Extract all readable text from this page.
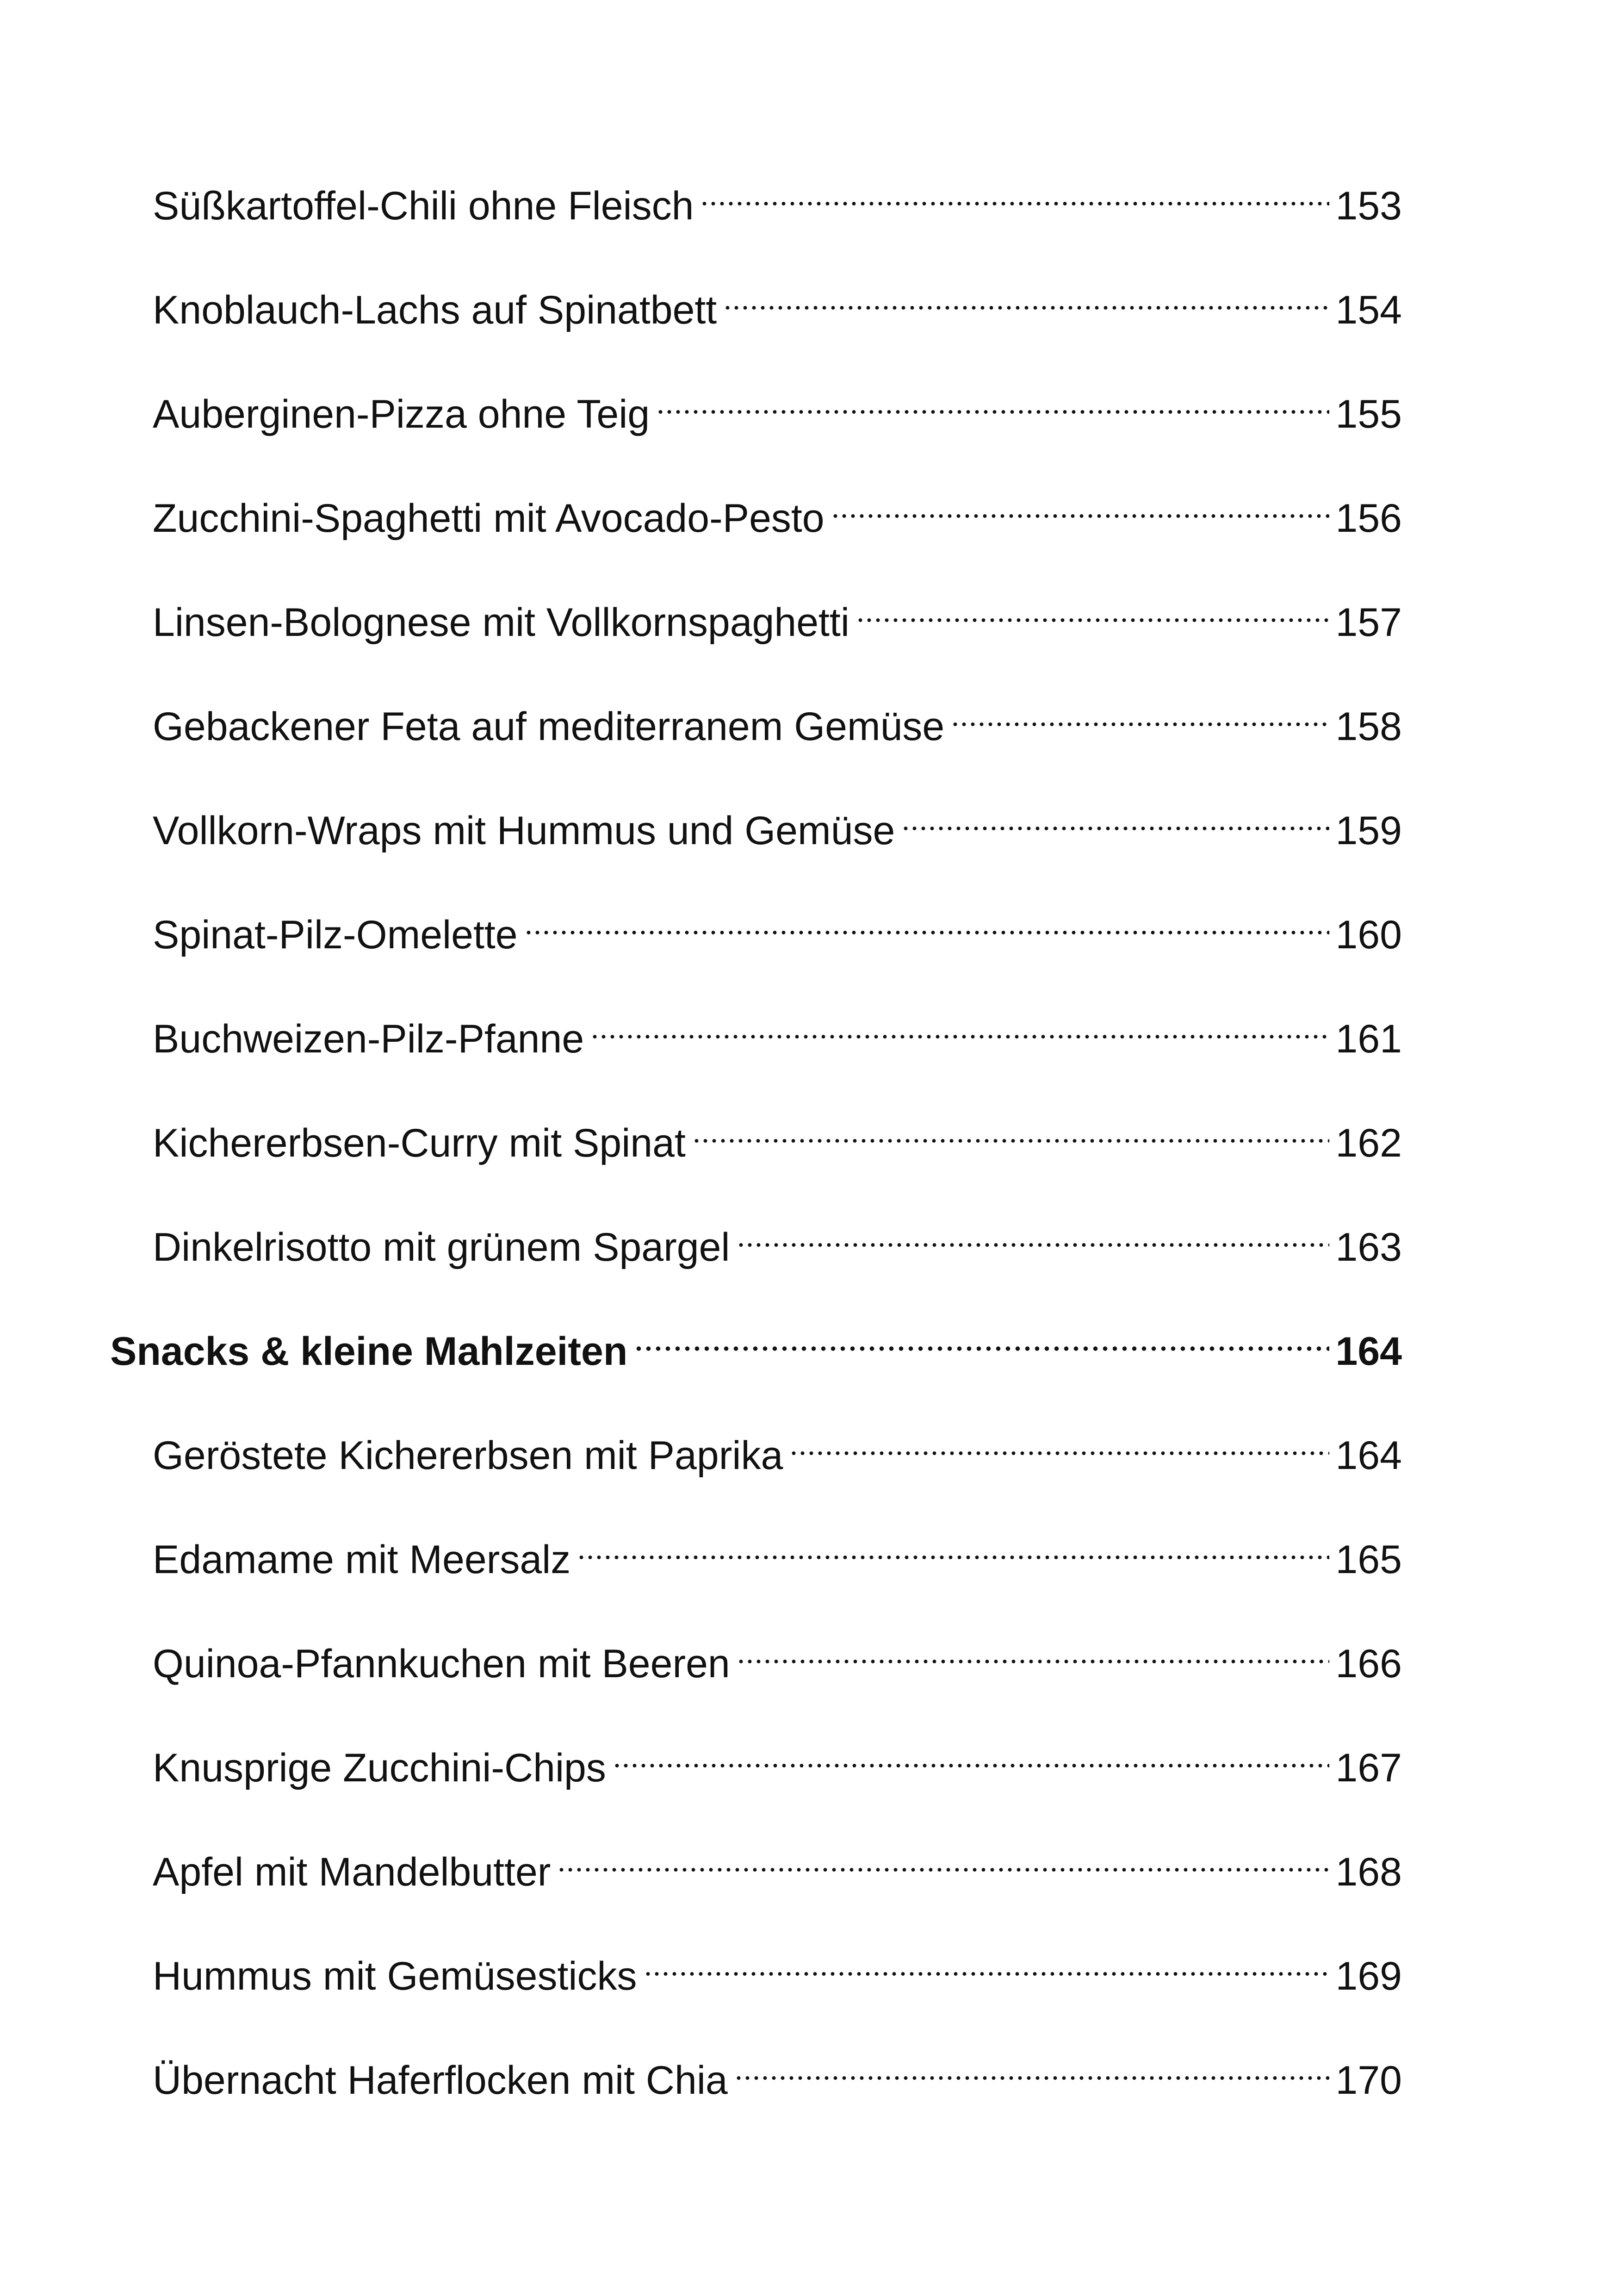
Süßkartoffel-Chili ohne Fleisch	153
Knoblauch-Lachs auf Spinatbett	154
Auberginen-Pizza ohne Teig	155
Zucchini-Spaghetti mit Avocado-Pesto	156
Linsen-Bolognese mit Vollkornspaghetti	157
Gebackener Feta auf mediterranem Gemüse	158
Vollkorn-Wraps mit Hummus und Gemüse	159
Spinat-Pilz-Omelette	160
Buchweizen-Pilz-Pfanne	161
Kichererbsen-Curry mit Spinat	162
Dinkelrisotto mit grünem Spargel	163
Snacks & kleine Mahlzeiten	164
Geröstete Kichererbsen mit Paprika	164
Edamame mit Meersalz	165
Quinoa-Pfannkuchen mit Beeren	166
Knusprige Zucchini-Chips	167
Apfel mit Mandelbutter	168
Hummus mit Gemüsesticks	169
Übernacht Haferflocken mit Chia	170
